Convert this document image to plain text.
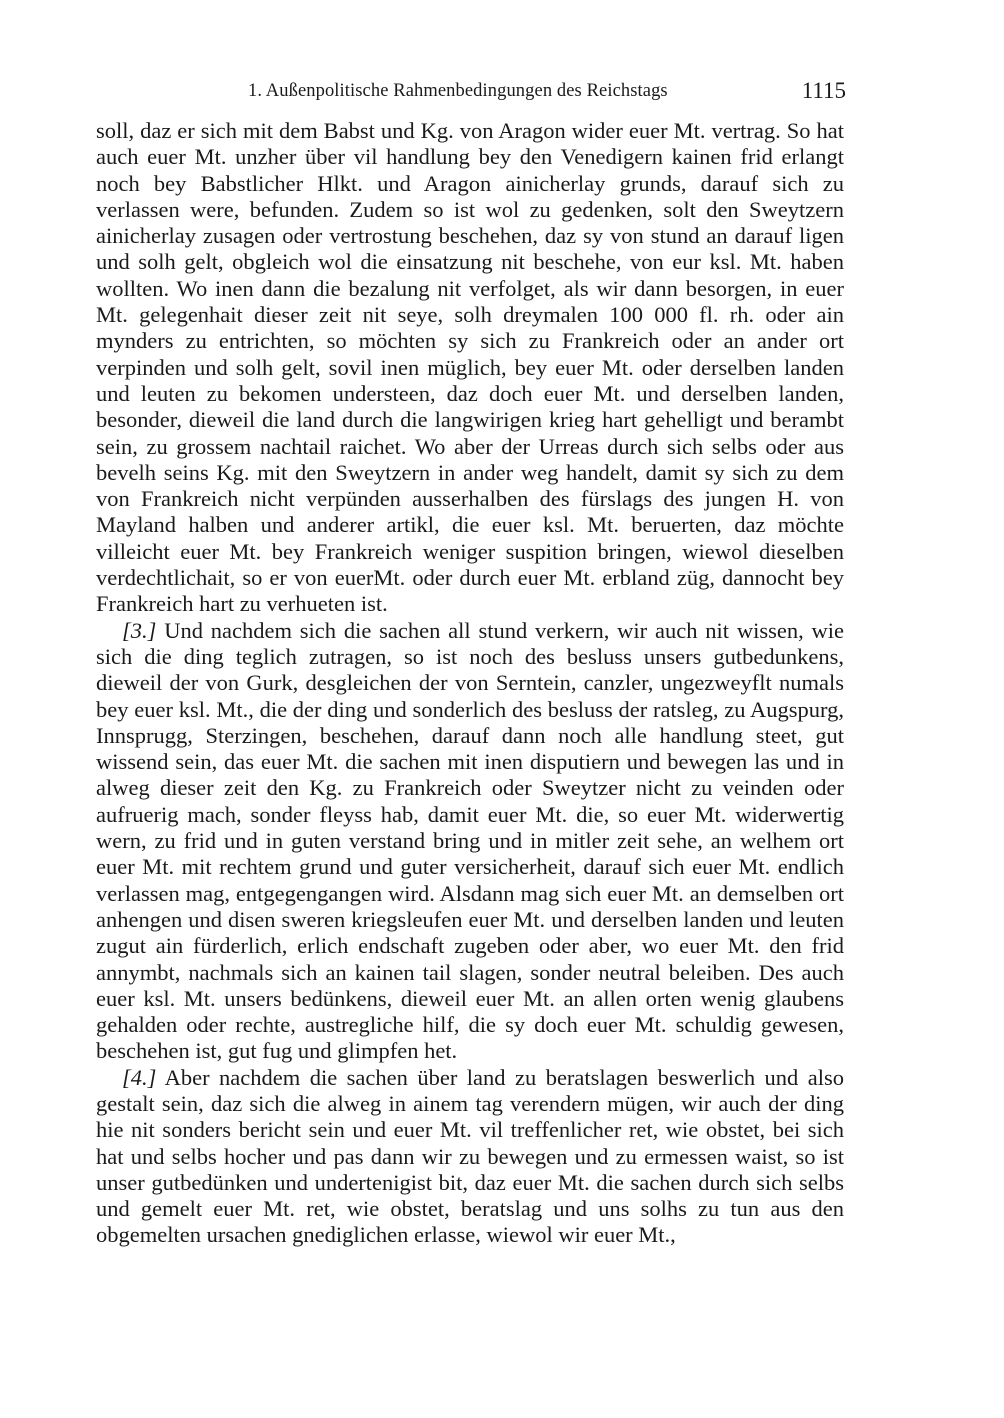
1. Außenpolitische Rahmenbedingungen des Reichstags	1115

soll, daz er sich mit dem Babst und Kg. von Aragon wider euer Mt. vertrag. So hat auch euer Mt. unzher über vil handlung bey den Venedigern kainen frid erlangt noch bey Babstlicher Hlkt. und Aragon ainicherlay grunds, darauf sich zu verlassen were, befunden. Zudem so ist wol zu gedenken, solt den Sweytzern ainicherlay zusagen oder vertrostung beschehen, daz sy von stund an darauf ligen und solh gelt, obgleich wol die einsatzung nit beschehe, von eur ksl. Mt. haben wollten. Wo inen dann die bezalung nit verfolget, als wir dann besorgen, in euer Mt. gelegenhait dieser zeit nit seye, solh dreymalen 100 000 fl. rh. oder ain mynders zu entrichten, so möchten sy sich zu Frankreich oder an ander ort verpinden und solh gelt, sovil inen müglich, bey euer Mt. oder derselben landen und leuten zu bekomen understeen, daz doch euer Mt. und derselben landen, besonder, dieweil die land durch die langwirigen krieg hart gehelligt und berambt sein, zu grossem nachtail raichet. Wo aber der Urreas durch sich selbs oder aus bevelh seins Kg. mit den Sweytzern in ander weg handelt, damit sy sich zu dem von Frankreich nicht verpünden ausserhalben des fürslags des jungen H. von Mayland halben und anderer artikl, die euer ksl. Mt. beruerten, daz möchte villeicht euer Mt. bey Frankreich weniger suspition bringen, wiewol dieselben verdechtlichait, so er von euerMt. oder durch euer Mt. erbland züg, dannocht bey Frankreich hart zu verhueten ist.

[3.] Und nachdem sich die sachen all stund verkern, wir auch nit wissen, wie sich die ding teglich zutragen, so ist noch des besluss unsers gutbedunkens, dieweil der von Gurk, desgleichen der von Serntein, canzler, ungezweyflt numals bey euer ksl. Mt., die der ding und sonderlich des besluss der ratsleg, zu Augspurg, Innsprugg, Sterzingen, beschehen, darauf dann noch alle handlung steet, gut wissend sein, das euer Mt. die sachen mit inen disputiern und bewegen las und in alweg dieser zeit den Kg. zu Frankreich oder Sweytzer nicht zu veinden oder aufruerig mach, sonder fleyss hab, damit euer Mt. die, so euer Mt. widerwertig wern, zu frid und in guten verstand bring und in mitler zeit sehe, an welhem ort euer Mt. mit rechtem grund und guter versicherheit, darauf sich euer Mt. endlich verlassen mag, entgegengangen wird. Alsdann mag sich euer Mt. an demselben ort anhengen und disen sweren kriegsleufen euer Mt. und derselben landen und leuten zugut ain fürderlich, erlich endschaft zugeben oder aber, wo euer Mt. den frid annymbt, nachmals sich an kainen tail slagen, sonder neutral beleiben. Des auch euer ksl. Mt. unsers bedünkens, dieweil euer Mt. an allen orten wenig glaubens gehalden oder rechte, austregliche hilf, die sy doch euer Mt. schuldig gewesen, beschehen ist, gut fug und glimpfen het.

[4.] Aber nachdem die sachen über land zu beratslagen beswerlich und also gestalt sein, daz sich die alweg in ainem tag verendern mügen, wir auch der ding hie nit sonders bericht sein und euer Mt. vil treffenlicher ret, wie obstet, bei sich hat und selbs hocher und pas dann wir zu bewegen und zu ermessen waist, so ist unser gutbedünken und undertenigist bit, daz euer Mt. die sachen durch sich selbs und gemelt euer Mt. ret, wie obstet, beratslag und uns solhs zu tun aus den obgemelten ursachen gnediglichen erlasse, wiewol wir euer Mt.,
